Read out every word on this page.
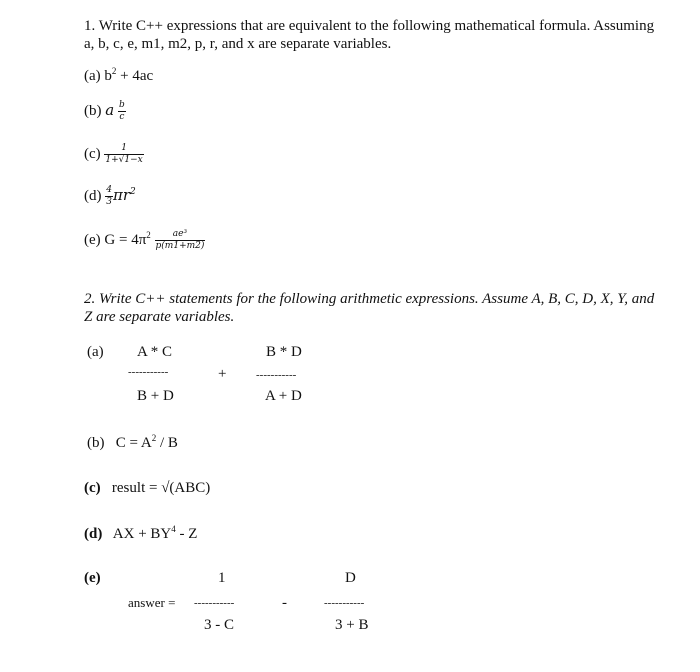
1. Write C++ expressions that are equivalent to the following mathematical formula. Assuming
a, b, c, e, m1, m2, p, r, and x are separate variables.
(a) $b^2 + 4ac$
(b) a $\frac{b}{c}$
$(c) \frac{1}{1+√1-x}$
$(d) \frac{4}{3} \pi r^2$
(e) $G = 4\pi^2 \frac{\text{ae³}}{p(m1+m2)}$
2. Write C++ statements for the following arithmetic expressions. Assume A, B, C, D, X, Y, and
Z are separate variables.
(a) A * C
-----------
B + D
+
B * D
-----------
A + D
(b) $C = A^2 / B$
(c) result = √(ABC)
(d) AX + $BY^4$ - Z
(e)	1
answer = -----------
3 - C
-
D
-----------
3 + B
